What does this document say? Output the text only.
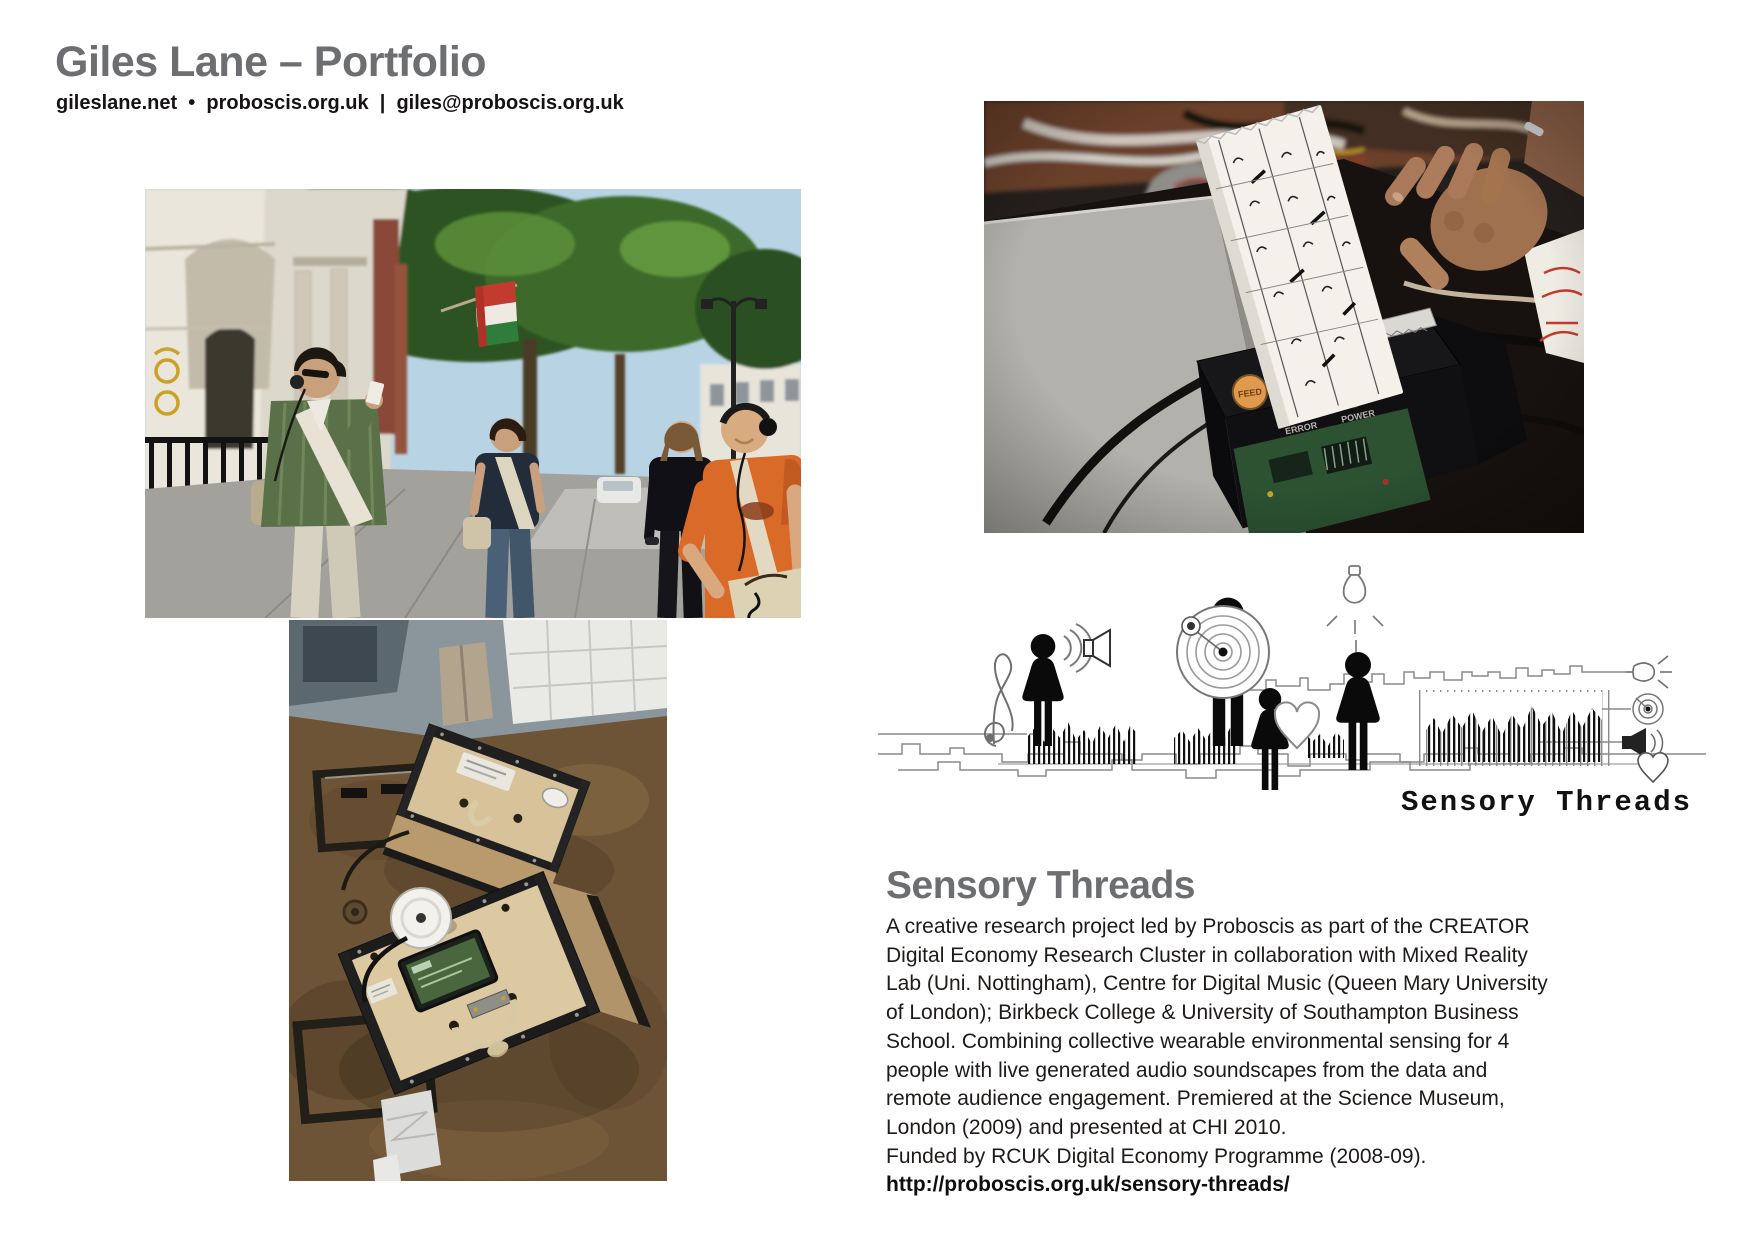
Giles Lane – Portfolio
gileslane.net  •  proboscis.org.uk  |  giles@proboscis.org.uk
Sensory Threads
Sensory Threads
A creative research project led by Proboscis as part of the CREATOR
Digital Economy Research Cluster in collaboration with Mixed Reality
Lab (Uni. Nottingham), Centre for Digital Music (Queen Mary University
of London); Birkbeck College & University of Southampton Business
School. Combining collective wearable environmental sensing for 4
people with live generated audio soundscapes from the data and
remote audience engagement. Premiered at the Science Museum,
London (2009) and presented at CHI 2010.
Funded by RCUK Digital Economy Programme (2008-09).
http://proboscis.org.uk/sensory-threads/
